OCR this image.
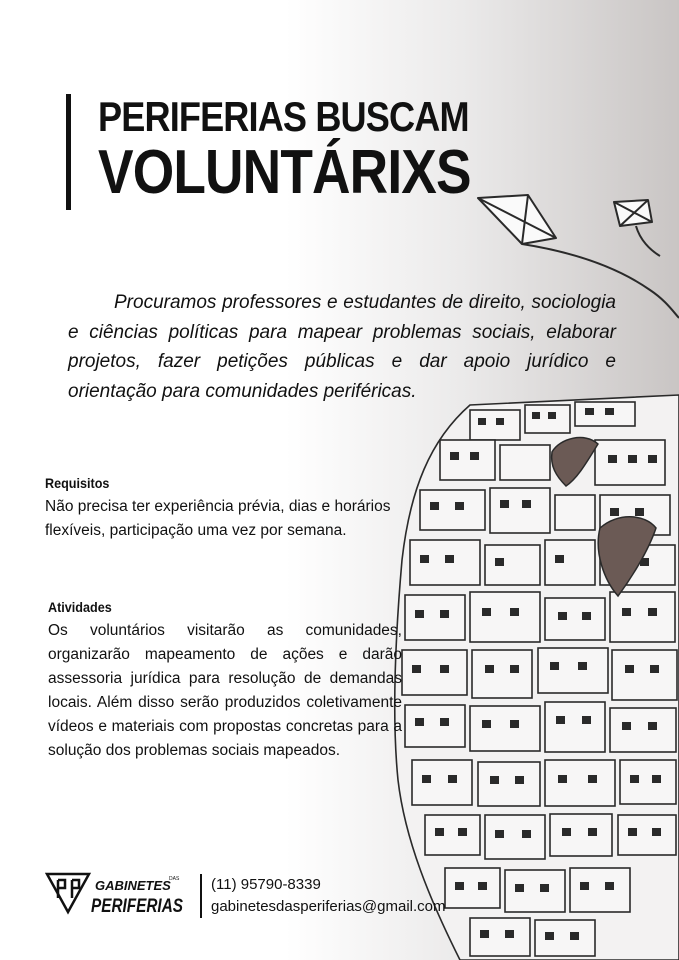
PERIFERIAS BUSCAM
VOLUNTÁRIXS

Procuramos professores e estudantes de direito, sociologia e ciências políticas para mapear problemas sociais, elaborar projetos, fazer petições públicas e dar apoio jurídico e orientação para comunidades periféricas.

Requisitos

Não precisa ter experiência prévia, dias e horários flexíveis, participação uma vez por semana.

Atividades

Os voluntários visitarão as comunidades, organizarão mapeamento de ações e darão assessoria jurídica para resolução de demandas locais. Além disso serão produzidos coletivamente vídeos e materiais com propostas concretas para a solução dos problemas sociais mapeados.

GABINETES
DAS
PERIFERIAS

(11) 95790-8339

gabinetesdasperiferias@gmail.com
